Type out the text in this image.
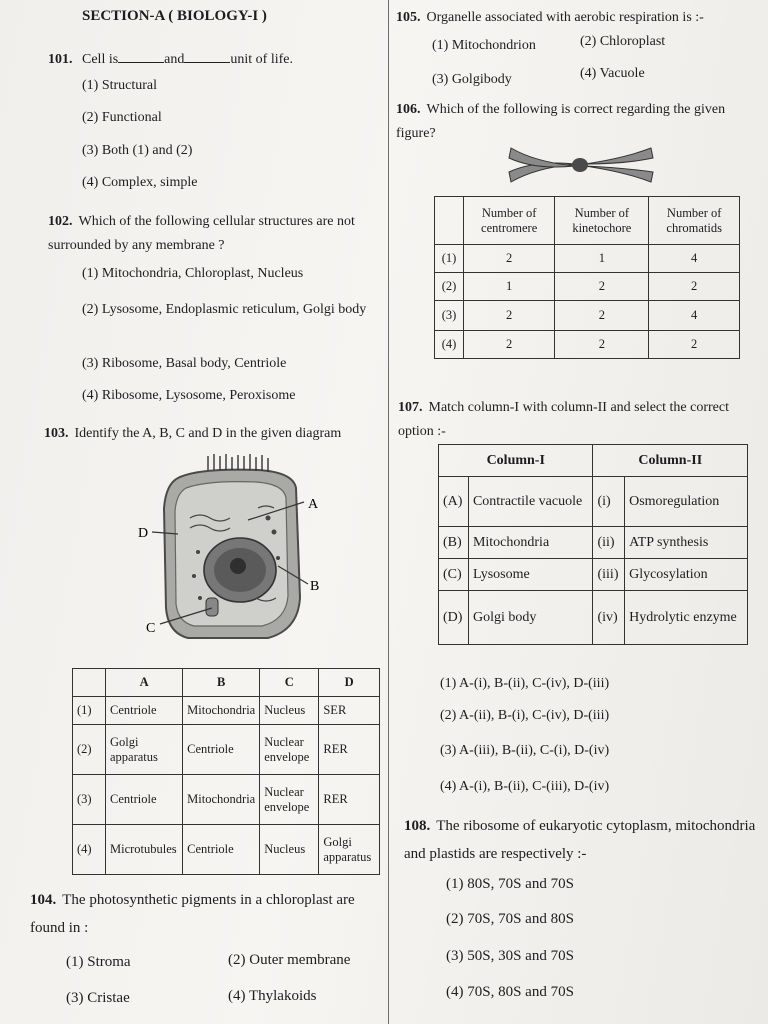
SECTION-A ( BIOLOGY-I )
101. Cell is	and	unit of life.
(1) Structural
(2) Functional
(3) Both (1) and (2)
(4) Complex, simple
102. Which of the following cellular structures are not surrounded by any membrane ?
(1) Mitochondria, Chloroplast, Nucleus
(2) Lysosome, Endoplasmic reticulum, Golgi body
(3) Ribosome, Basal body, Centriole
(4) Ribosome, Lysosome, Peroxisome
103. Identify the A, B, C and D in the given diagram
A
D
B
C
	A	B	C	D
(1)	Centriole	Mitochondria	Nucleus	SER
(2)	Golgi apparatus	Centriole	Nuclear envelope	RER
(3)	Centriole	Mitochondria	Nuclear envelope	RER
(4)	Microtubules	Centriole	Nucleus	Golgi apparatus
104. The photosynthetic pigments in a chloroplast are found in :
(1) Stroma	(2) Outer membrane
(3) Cristae	(4) Thylakoids
105. Organelle associated with aerobic respiration is :-
(1) Mitochondrion	(2) Chloroplast
(3) Golgibody	(4) Vacuole
106. Which of the following is correct regarding the given figure?
	Number of centromere	Number of kinetochore	Number of chromatids
(1)	2	1	4
(2)	1	2	2
(3)	2	2	4
(4)	2	2	2
107. Match column-I with column-II and select the correct option :-
Column-I		Column-II	
(A)	Contractile vacuole	(i)	Osmoregulation
(B)	Mitochondria	(ii)	ATP synthesis
(C)	Lysosome	(iii)	Glycosylation
(D)	Golgi body	(iv)	Hydrolytic enzyme
(1) A-(i), B-(ii), C-(iv), D-(iii)
(2) A-(ii), B-(i), C-(iv), D-(iii)
(3) A-(iii), B-(ii), C-(i), D-(iv)
(4) A-(i), B-(ii), C-(iii), D-(iv)
108. The ribosome of eukaryotic cytoplasm, mitochondria and plastids are respectively :-
(1) 80S, 70S and 70S
(2) 70S, 70S and 80S
(3) 50S, 30S and 70S
(4) 70S, 80S and 70S
